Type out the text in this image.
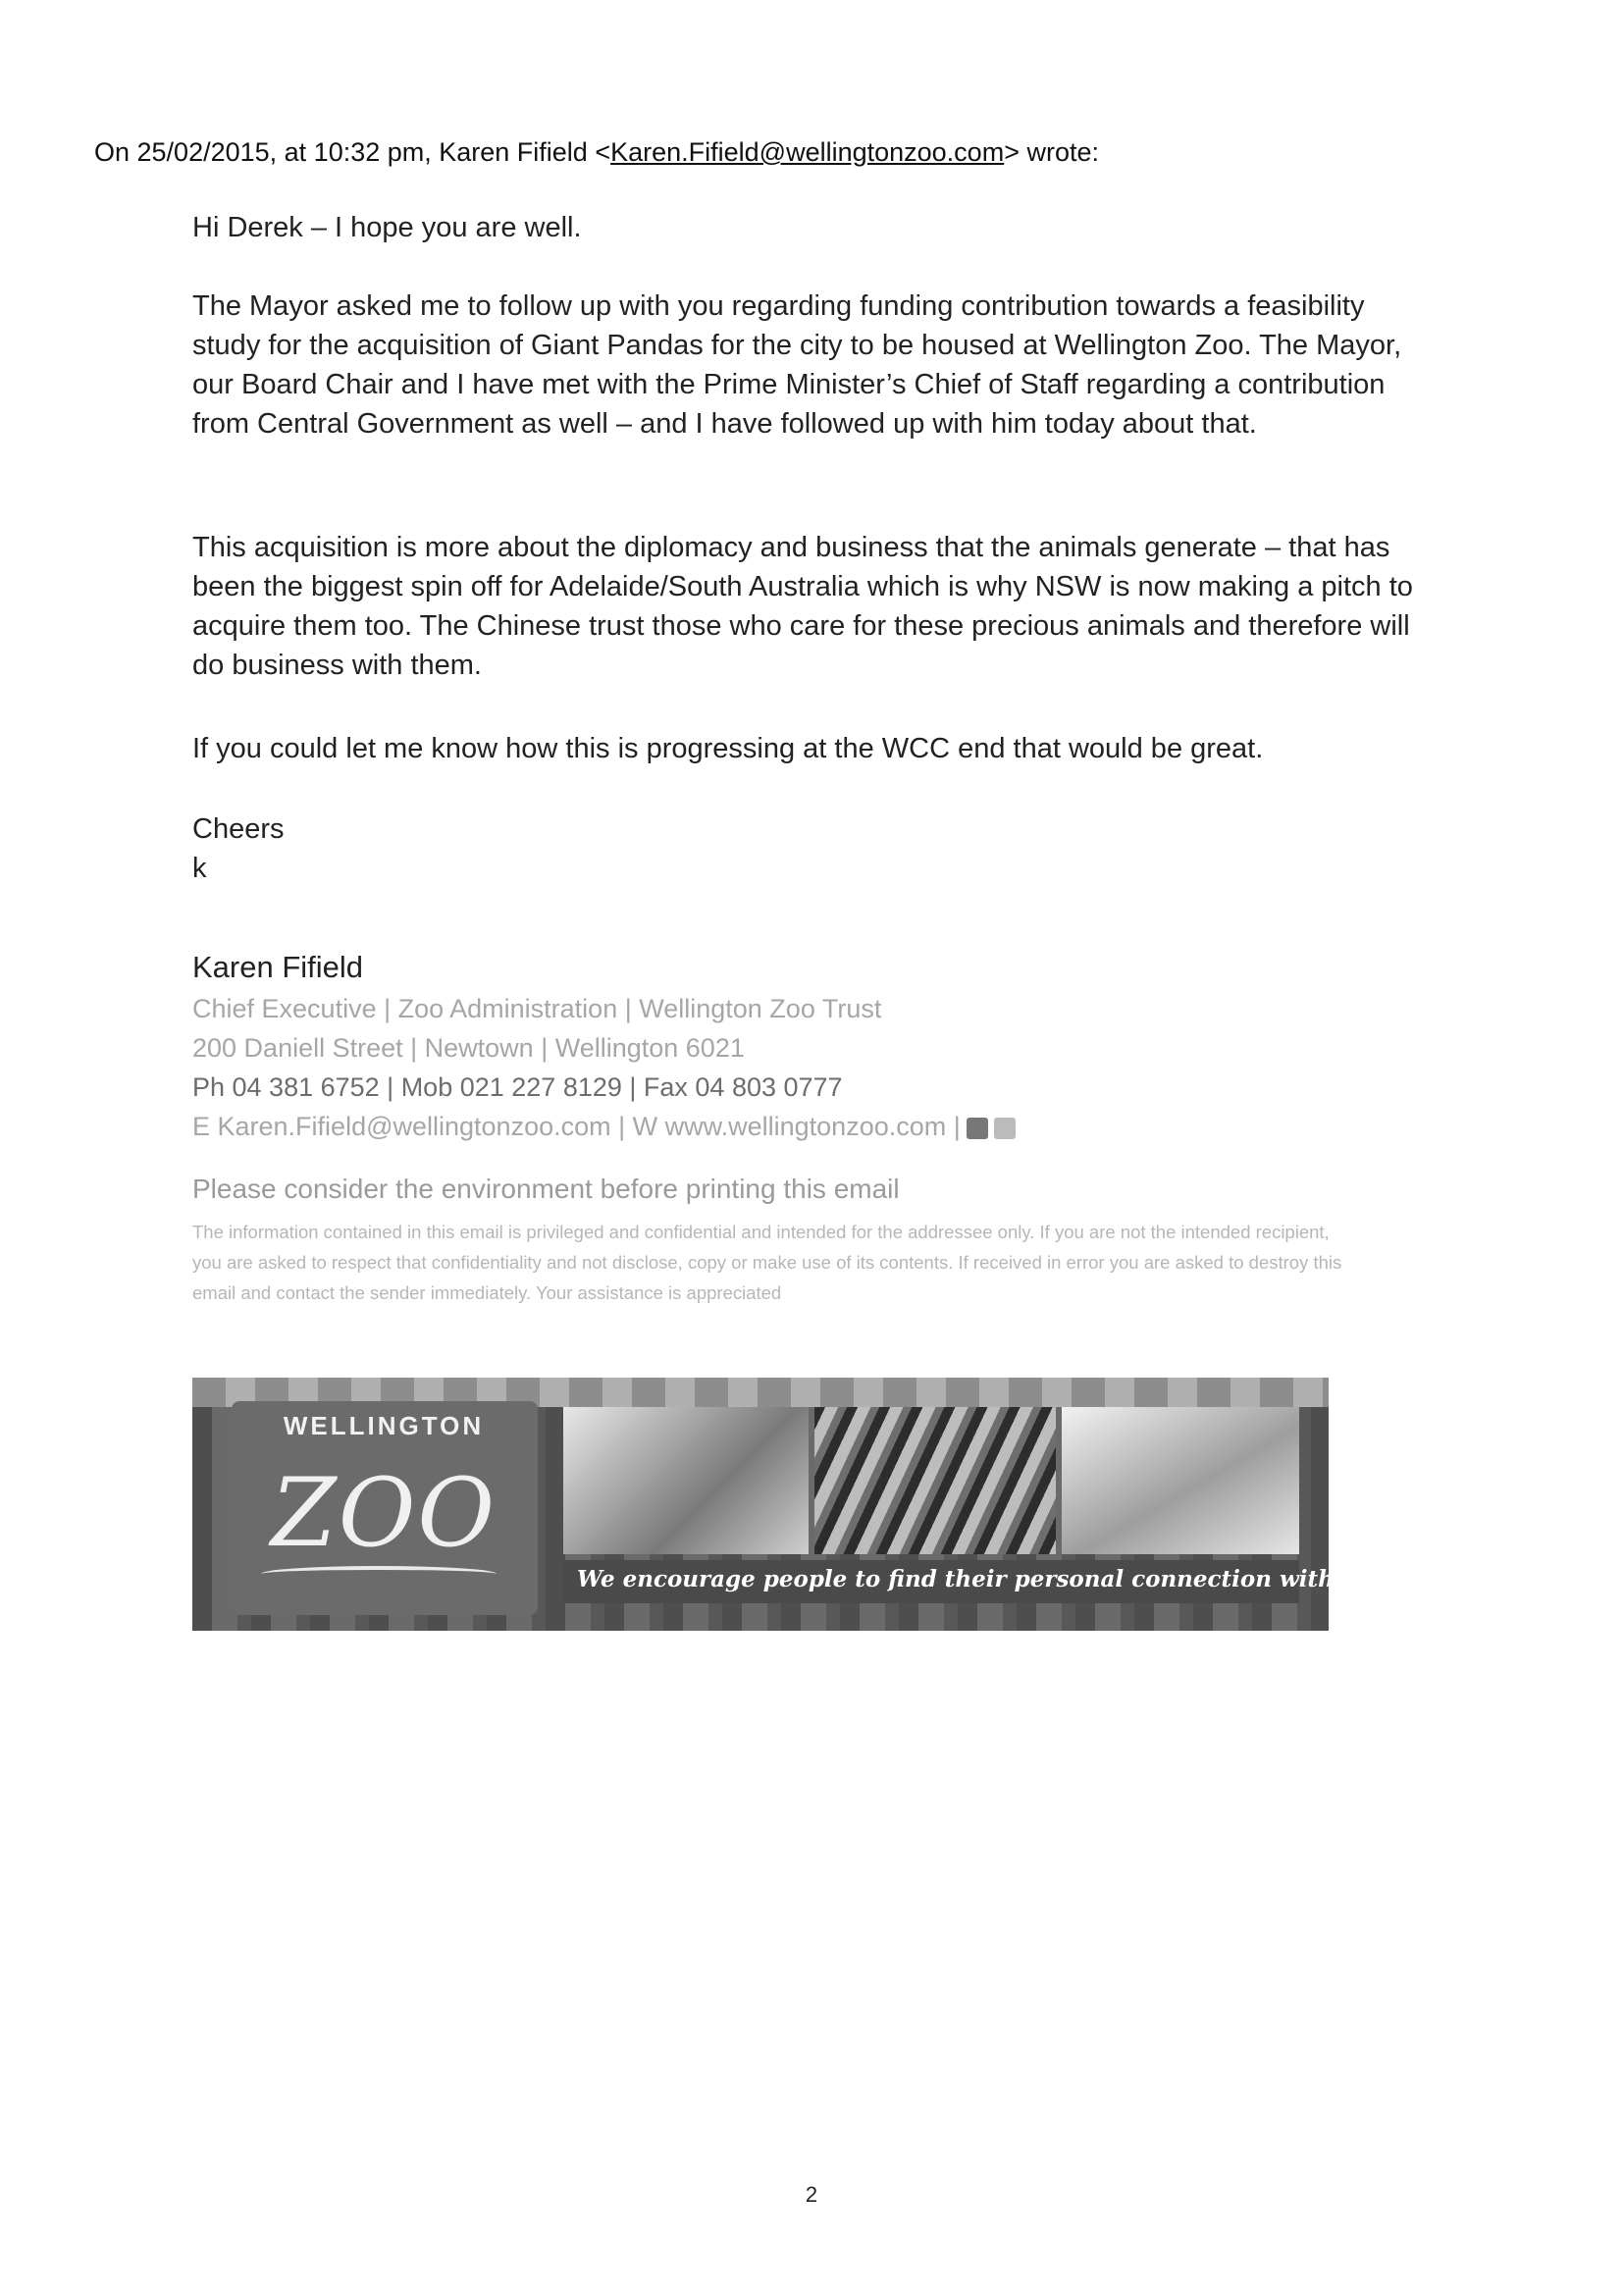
On 25/02/2015, at 10:32 pm, Karen Fifield <Karen.Fifield@wellingtonzoo.com> wrote:
Hi Derek – I hope you are well.
The Mayor asked me to follow up with you regarding funding contribution towards a feasibility study for the acquisition of Giant Pandas for the city to be housed at Wellington Zoo. The Mayor, our Board Chair and I have met with the Prime Minister’s Chief of Staff regarding a contribution from Central Government as well – and I have followed up with him today about that.
This acquisition is more about the diplomacy and business that the animals generate – that has been the biggest spin off for Adelaide/South Australia which is why NSW is now making a pitch to acquire them too. The Chinese trust those who care for these precious animals and therefore will do business with them.
If you could let me know how this is progressing at the WCC end that would be great.
Cheers
k
Karen Fifield
Chief Executive | Zoo Administration | Wellington Zoo Trust
200 Daniell Street | Newtown | Wellington 6021
Ph 04 381 6752 | Mob 021 227 8129 | Fax 04 803 0777
E Karen.Fifield@wellingtonzoo.com | W www.wellingtonzoo.com |
Please consider the environment before printing this email
The information contained in this email is privileged and confidential and intended for the addressee only. If you are not the intended recipient, you are asked to respect that confidentiality and not disclose, copy or make use of its contents. If received in error you are asked to destroy this email and contact the sender immediately. Your assistance is appreciated
WELLINGTON
ZOO
We encourage people to find their personal connection with nature
2
